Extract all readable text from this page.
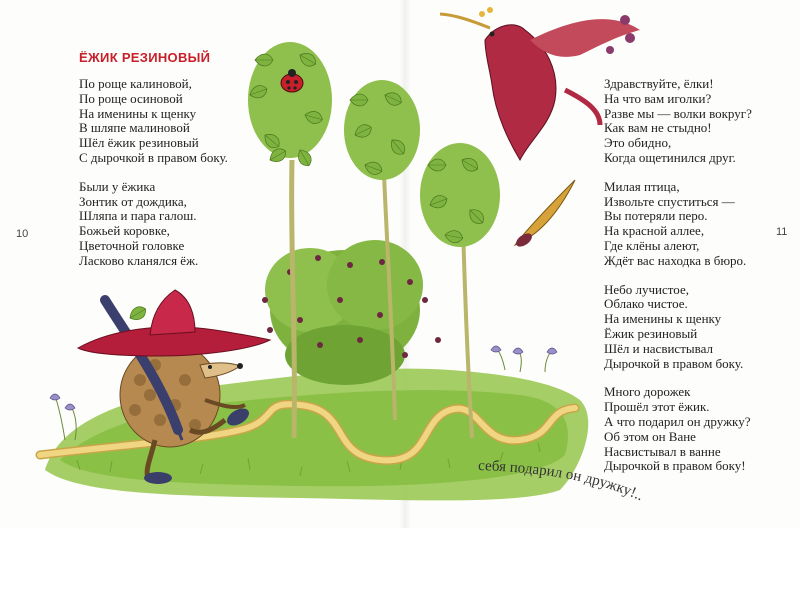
себя подарил он дружку!..
10	11
ЁЖИК РЕЗИНОВЫЙ
По роще калиновой,
По роще осиновой
На именины к щенку
В шляпе малиновой
Шёл ёжик резиновый
С дырочкой в правом боку.
Были у ёжика
Зонтик от дождика,
Шляпа и пара галош.
Божьей коровке,
Цветочной головке
Ласково кланялся ёж.
Здравствуйте, ёлки!
На что вам иголки?
Разве мы — волки вокруг?
Как вам не стыдно!
Это обидно,
Когда ощетинился друг.
Милая птица,
Извольте спуститься —
Вы потеряли перо.
На красной аллее,
Где клёны алеют,
Ждёт вас находка в бюро.
Небо лучистое,
Облако чистое.
На именины к щенку
Ёжик резиновый
Шёл и насвистывал
Дырочкой в правом боку.
Много дорожек
Прошёл этот ёжик.
А что подарил он дружку?
Об этом он Ване
Насвистывал в ванне
Дырочкой в правом боку!
